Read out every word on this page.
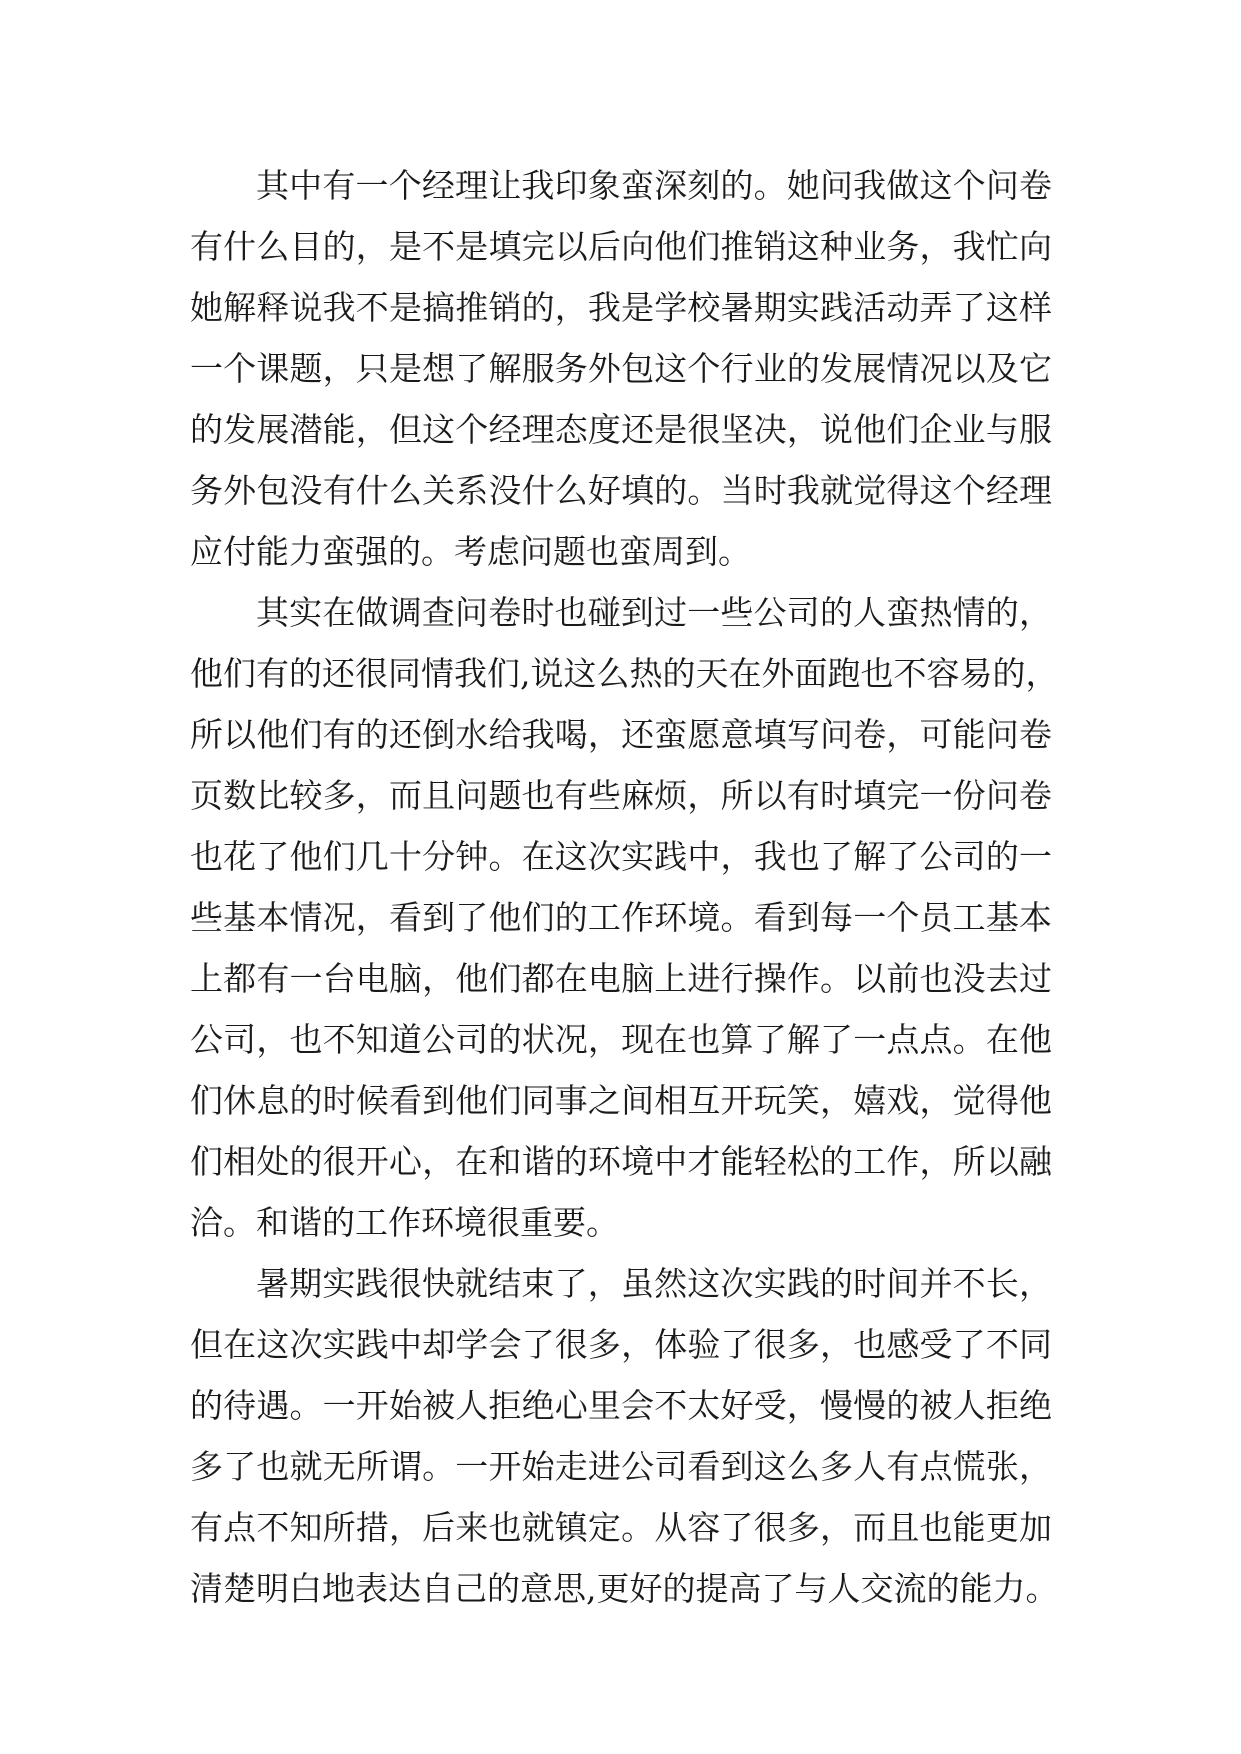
其中有一个经理让我印象蛮深刻的。她问我做这个问卷
有什么目的，是不是填完以后向他们推销这种业务，我忙向
她解释说我不是搞推销的，我是学校暑期实践活动弄了这样
一个课题，只是想了解服务外包这个行业的发展情况以及它
的发展潜能，但这个经理态度还是很坚决，说他们企业与服
务外包没有什么关系没什么好填的。当时我就觉得这个经理
应付能力蛮强的。考虑问题也蛮周到。
其实在做调查问卷时也碰到过一些公司的人蛮热情的，
他们有的还很同情我们,说这么热的天在外面跑也不容易的，
所以他们有的还倒水给我喝，还蛮愿意填写问卷，可能问卷
页数比较多，而且问题也有些麻烦，所以有时填完一份问卷
也花了他们几十分钟。在这次实践中，我也了解了公司的一
些基本情况，看到了他们的工作环境。看到每一个员工基本
上都有一台电脑，他们都在电脑上进行操作。以前也没去过
公司，也不知道公司的状况，现在也算了解了一点点。在他
们休息的时候看到他们同事之间相互开玩笑，嬉戏，觉得他
们相处的很开心，在和谐的环境中才能轻松的工作，所以融
洽。和谐的工作环境很重要。
暑期实践很快就结束了，虽然这次实践的时间并不长，
但在这次实践中却学会了很多，体验了很多，也感受了不同
的待遇。一开始被人拒绝心里会不太好受，慢慢的被人拒绝
多了也就无所谓。一开始走进公司看到这么多人有点慌张，
有点不知所措，后来也就镇定。从容了很多，而且也能更加
清楚明白地表达自己的意思,更好的提高了与人交流的能力。
